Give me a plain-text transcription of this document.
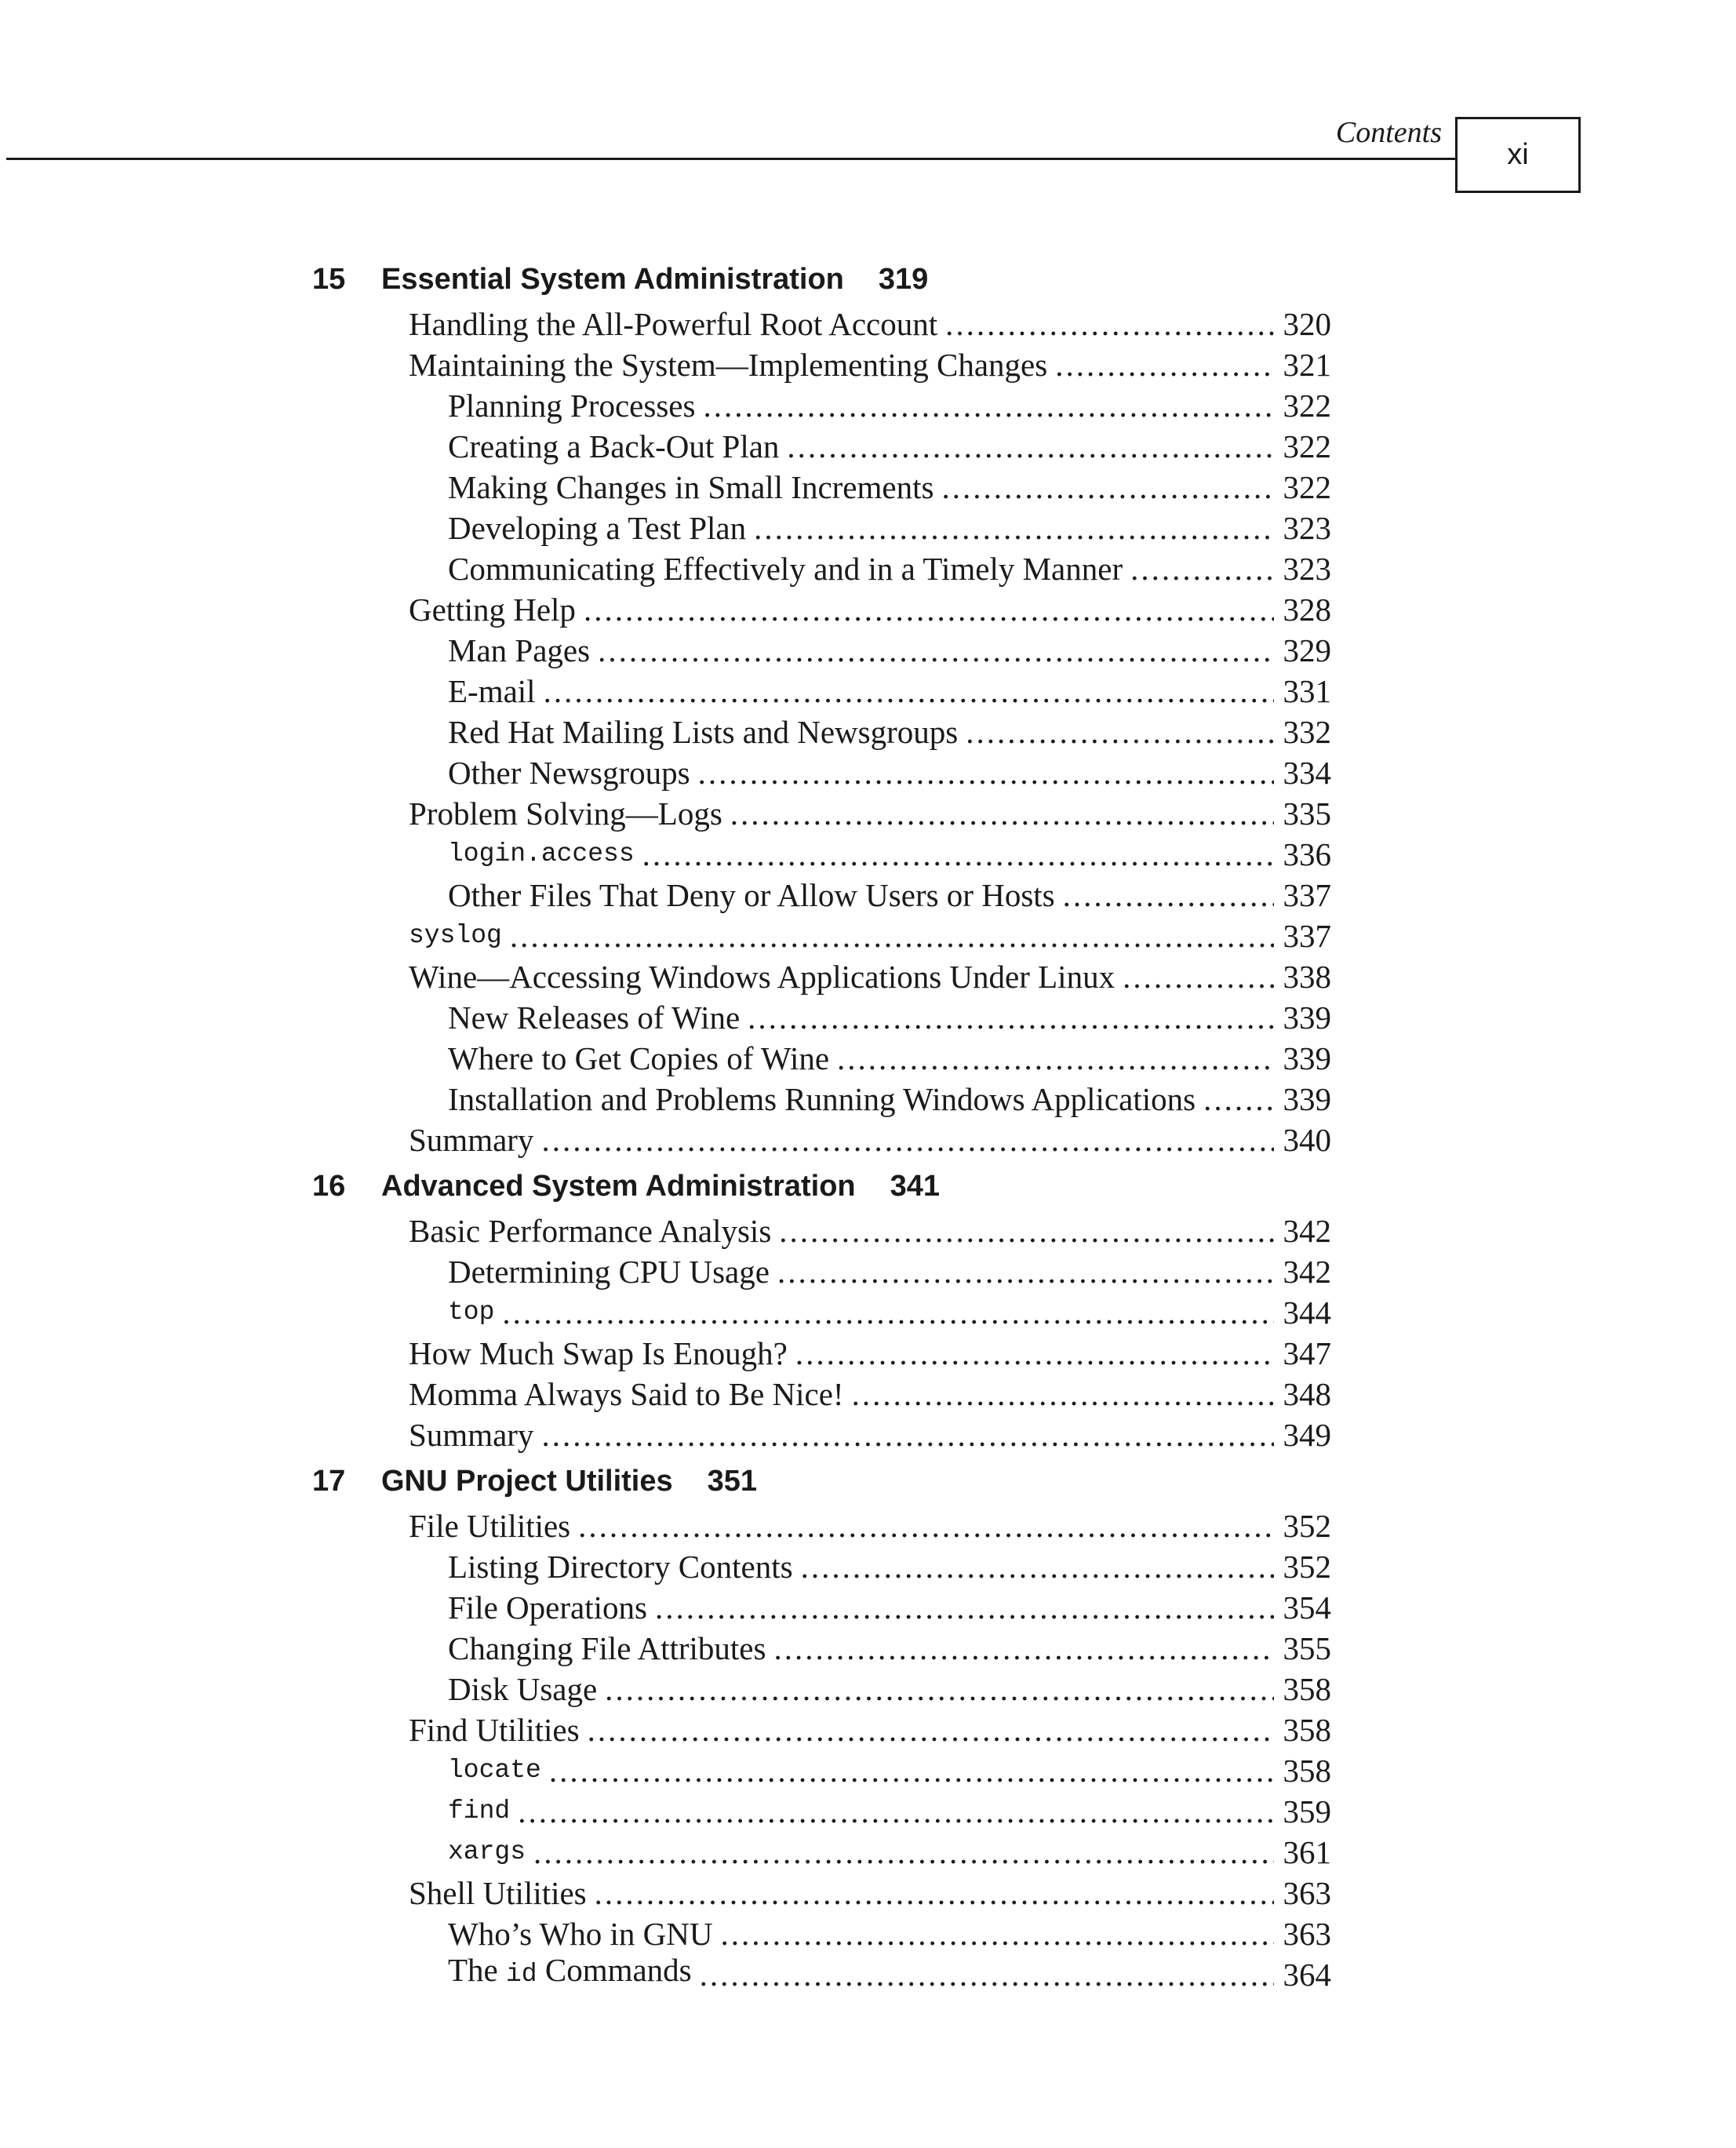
Contents
xi
15 Essential System Administration 319
Handling the All-Powerful Root Account .....	320
Maintaining the System—Implementing Changes .....	321
Planning Processes .....	322
Creating a Back-Out Plan .....	322
Making Changes in Small Increments .....	322
Developing a Test Plan .....	323
Communicating Effectively and in a Timely Manner .....	323
Getting Help .....	328
Man Pages .....	329
E-mail .....	331
Red Hat Mailing Lists and Newsgroups .....	332
Other Newsgroups .....	334
Problem Solving—Logs .....	335
login.access .....	336
Other Files That Deny or Allow Users or Hosts .....	337
syslog .....	337
Wine—Accessing Windows Applications Under Linux .....	338
New Releases of Wine .....	339
Where to Get Copies of Wine .....	339
Installation and Problems Running Windows Applications .....	339
Summary .....	340
16 Advanced System Administration 341
Basic Performance Analysis .....	342
Determining CPU Usage .....	342
top .....	344
How Much Swap Is Enough? .....	347
Momma Always Said to Be Nice! .....	348
Summary .....	349
17 GNU Project Utilities 351
File Utilities .....	352
Listing Directory Contents .....	352
File Operations .....	354
Changing File Attributes .....	355
Disk Usage .....	358
Find Utilities .....	358
locate .....	358
find .....	359
xargs .....	361
Shell Utilities .....	363
Who’s Who in GNU .....	363
The id Commands .....	364
